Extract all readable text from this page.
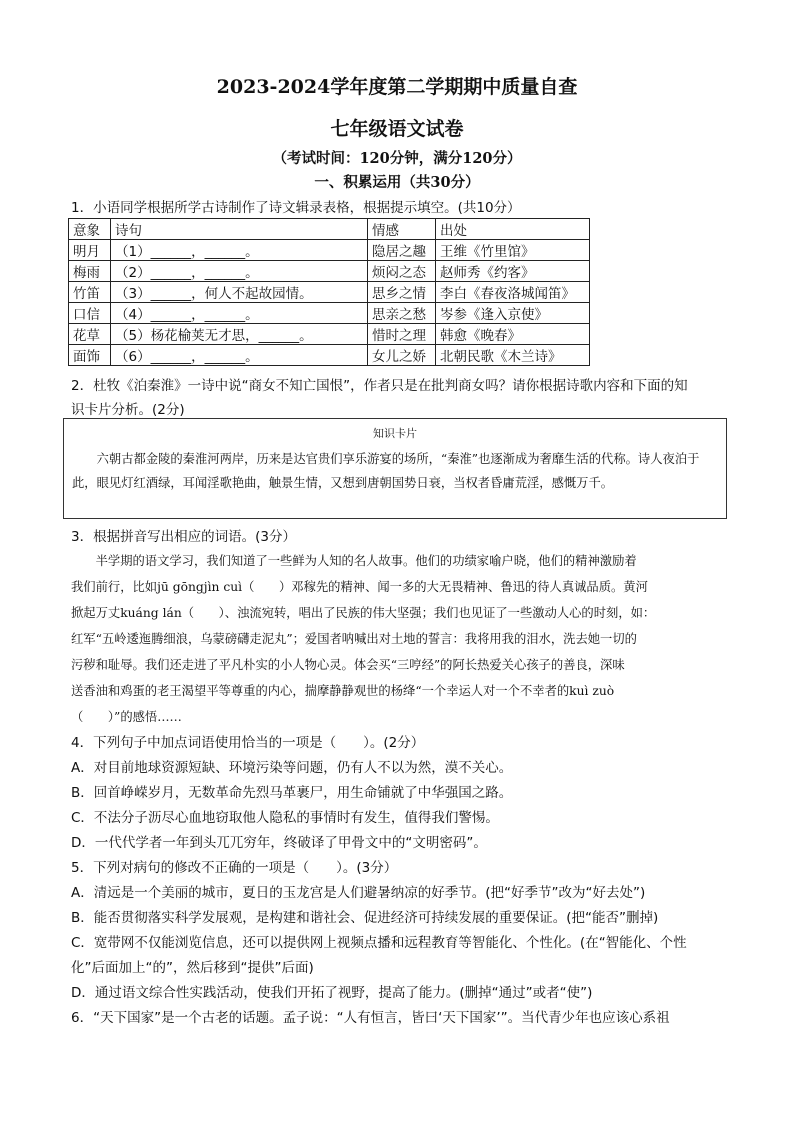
2023-2024学年度第二学期期中质量自查
七年级语文试卷
（考试时间：120分钟，满分120分）
一、积累运用（共30分）
1．小语同学根据所学古诗制作了诗文辑录表格，根据提示填空。(共10分）
意象	诗句	情感	出处
明月	（1）______，______。	隐居之趣	王维《竹里馆》
梅雨	（2）______，______。	烦闷之态	赵师秀《约客》
竹笛	（3）______，何人不起故园情。	思乡之情	李白《春夜洛城闻笛》
口信	（4）______，______。	思亲之愁	岑参《逢入京使》
花草	（5）杨花榆荚无才思，______。	惜时之理	韩愈《晚春》
面饰	（6）______，______。	女儿之娇	北朝民歌《木兰诗》
2．杜牧《泊秦淮》一诗中说“商女不知亡国恨”，作者只是在批判商女吗？请你根据诗歌内容和下面的知
识卡片分析。(2分)
知识卡片
六朝古都金陵的秦淮河两岸，历来是达官贵们享乐游宴的场所，“秦淮”也逐渐成为奢靡生活的代称。诗人夜泊于此，眼见灯红酒绿，耳闻淫歌艳曲，触景生情，又想到唐朝国势日衰，当权者昏庸荒淫，感慨万千。
3．根据拼音写出相应的词语。(3分）
　　半学期的语文学习，我们知道了一些鲜为人知的名人故事。他们的功绩家喻户晓，他们的精神激励着
我们前行，比如jū gōngjìn cuì（　　）邓稼先的精神、闻一多的大无畏精神、鲁迅的待人真诚品质。黄河
掀起万丈kuáng lán（　　）、浊流宛转，唱出了民族的伟大坚强；我们也见证了一些激动人心的时刻，如：
红军“五岭逶迤腾细浪，乌蒙磅礴走泥丸”；爱国者呐喊出对土地的誓言：我将用我的泪水，洗去她一切的
污秽和耻辱。我们还走进了平凡朴实的小人物心灵。体会买“三哼经”的阿长热爱关心孩子的善良，深味
送香油和鸡蛋的老王渴望平等尊重的内心，揣摩静静观世的杨绛“一个幸运人对一个不幸者的kuì zuò
（　　）”的感悟……
4．下列句子中加点词语使用恰当的一项是（　　）。(2分）
A．对目前地球资源短缺、环境污染等问题，仍有人不以为然，漠不关心。
B．回首峥嵘岁月，无数革命先烈马革裹尸，用生命铺就了中华强国之路。
C．不法分子沥尽心血地窃取他人隐私的事情时有发生，值得我们警惕。
D．一代代学者一年到头兀兀穷年，终破译了甲骨文中的“文明密码”。
5．下列对病句的修改不正确的一项是（　　）。(3分）
A．清远是一个美丽的城市，夏日的玉龙宫是人们避暑纳凉的好季节。(把“好季节”改为“好去处”)
B．能否贯彻落实科学发展观，是构建和谐社会、促进经济可持续发展的重要保证。(把“能否”删掉)
C．宽带网不仅能浏览信息，还可以提供网上视频点播和远程教育等智能化、个性化。(在“智能化、个性
化”后面加上“的”，然后移到“提供”后面)
D．通过语文综合性实践活动，使我们开拓了视野，提高了能力。(删掉“通过”或者“使”)
6．“天下国家”是一个古老的话题。孟子说：“人有恒言，皆曰‘天下国家’”。当代青少年也应该心系祖
